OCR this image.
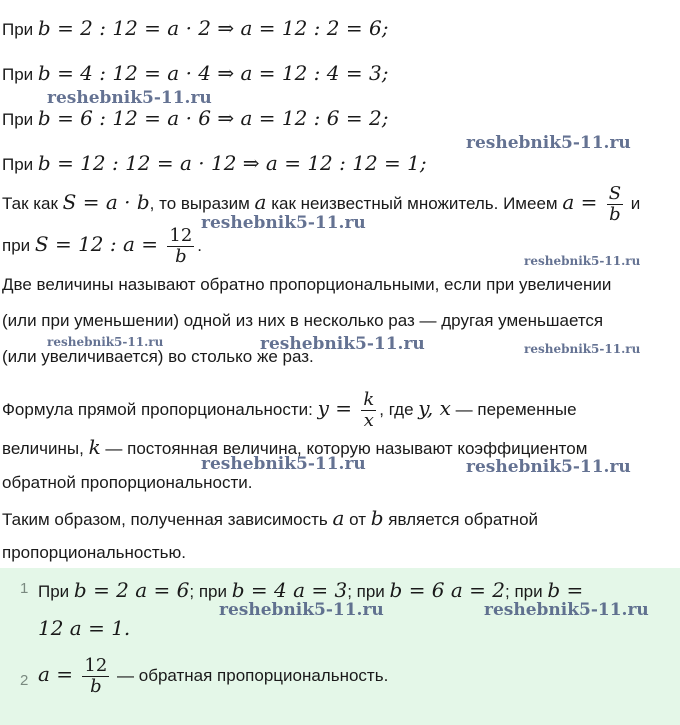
При b = 2 : 12 = a · 2 ⇒ a = 12 : 2 = 6;
При b = 4 : 12 = a · 4 ⇒ a = 12 : 4 = 3;
При b = 6 : 12 = a · 6 ⇒ a = 12 : 6 = 2;
При b = 12 : 12 = a · 12 ⇒ a = 12 : 12 = 1;
Так как S = a · b, то выразим a как неизвестный множитель. Имеем $a = \frac{S}{b}$ и
при S = 12 : $a = \frac{12}{b}$ .
Две величины называют обратно пропорциональными, если при увеличении
(или при уменьшении) одной из них в несколько раз — другая уменьшается
(или увеличивается) во столько же раз.
Формула прямой пропорциональности: $y = \frac{k}{x}$ , где y, x — переменные
величины, k — постоянная величина, которую называют коэффициентом
обратной пропорциональности.
Таким образом, полученная зависимость a от b является обратной
пропорциональностью.
1 При b = 2 a = 6; при b = 4 a = 3; при b = 6 a = 2; при b =
12 a = 1.
2 $a = \frac{12}{b}$ — обратная пропорциональность.
reshebnik5-11.ru
reshebnik5-11.ru
reshebnik5-11.ru
reshebnik5-11.ru
reshebnik5-11.ru	reshebnik5-11.ru	reshebnik5-11.ru
reshebnik5-11.ru	reshebnik5-11.ru
reshebnik5-11.ru	reshebnik5-11.ru
